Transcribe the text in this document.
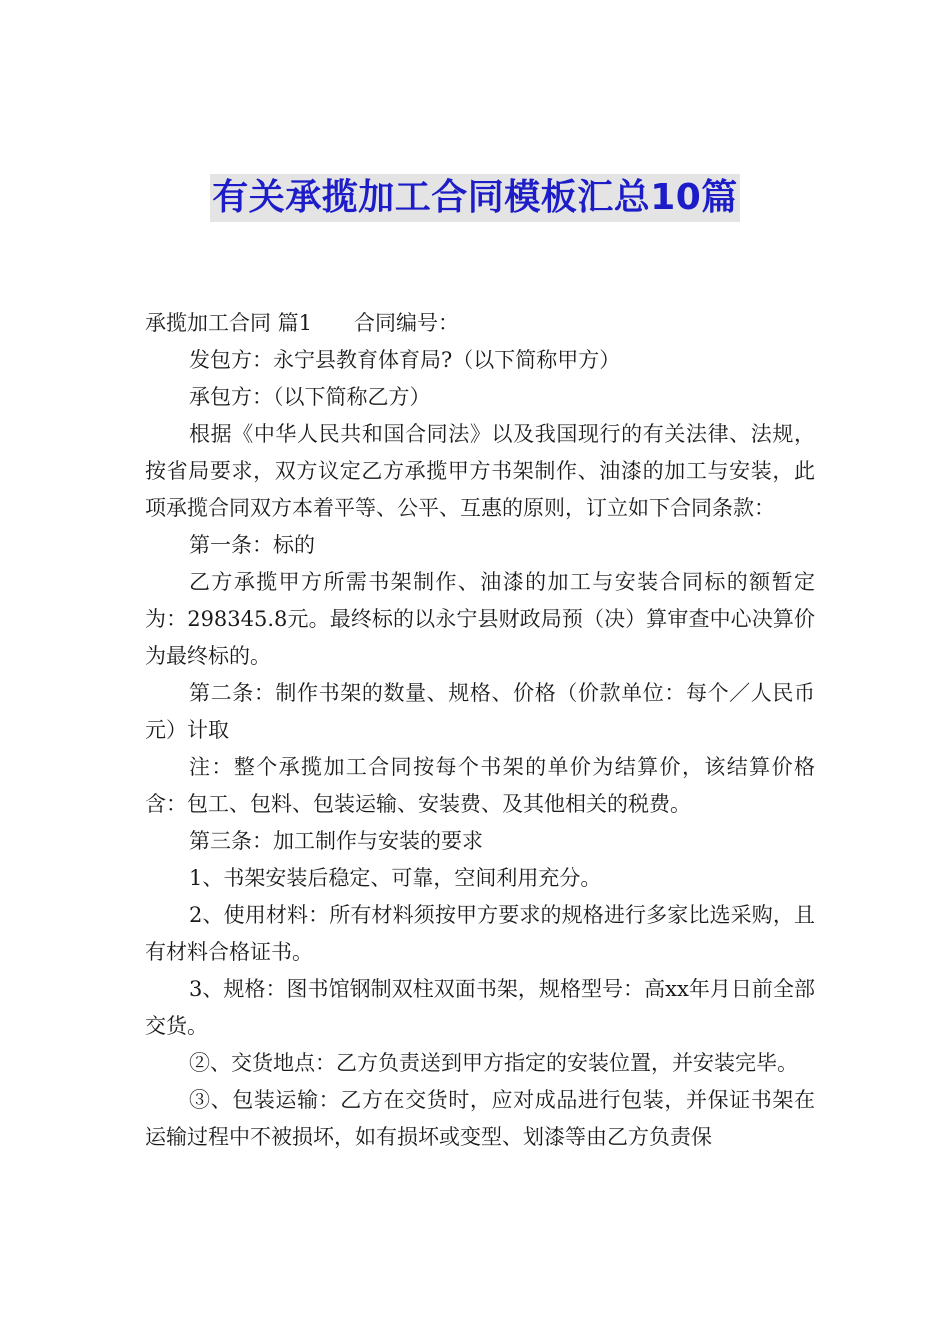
有关承揽加工合同模板汇总10篇

承揽加工合同 篇1 合同编号：

发包方：永宁县教育体育局?（以下简称甲方）

承包方：（以下简称乙方）

根据《中华人民共和国合同法》以及我国现行的有关法律、法规，按省局要求，双方议定乙方承揽甲方书架制作、油漆的加工与安装，此项承揽合同双方本着平等、公平、互惠的原则，订立如下合同条款：

第一条：标的

乙方承揽甲方所需书架制作、油漆的加工与安装合同标的额暂定为：298345.8元。最终标的以永宁县财政局预（决）算审查中心决算价为最终标的。

第二条：制作书架的数量、规格、价格（价款单位：每个／人民币元）计取

注：整个承揽加工合同按每个书架的单价为结算价，该结算价格含：包工、包料、包装运输、安装费、及其他相关的税费。

第三条：加工制作与安装的要求

1、书架安装后稳定、可靠，空间利用充分。

2、使用材料：所有材料须按甲方要求的规格进行多家比选采购，且有材料合格证书。

3、规格：图书馆钢制双柱双面书架，规格型号：高xx年月日前全部交货。

②、交货地点：乙方负责送到甲方指定的安装位置，并安装完毕。

③、包装运输：乙方在交货时，应对成品进行包装，并保证书架在运输过程中不被损坏，如有损坏或变型、划漆等由乙方负责保
